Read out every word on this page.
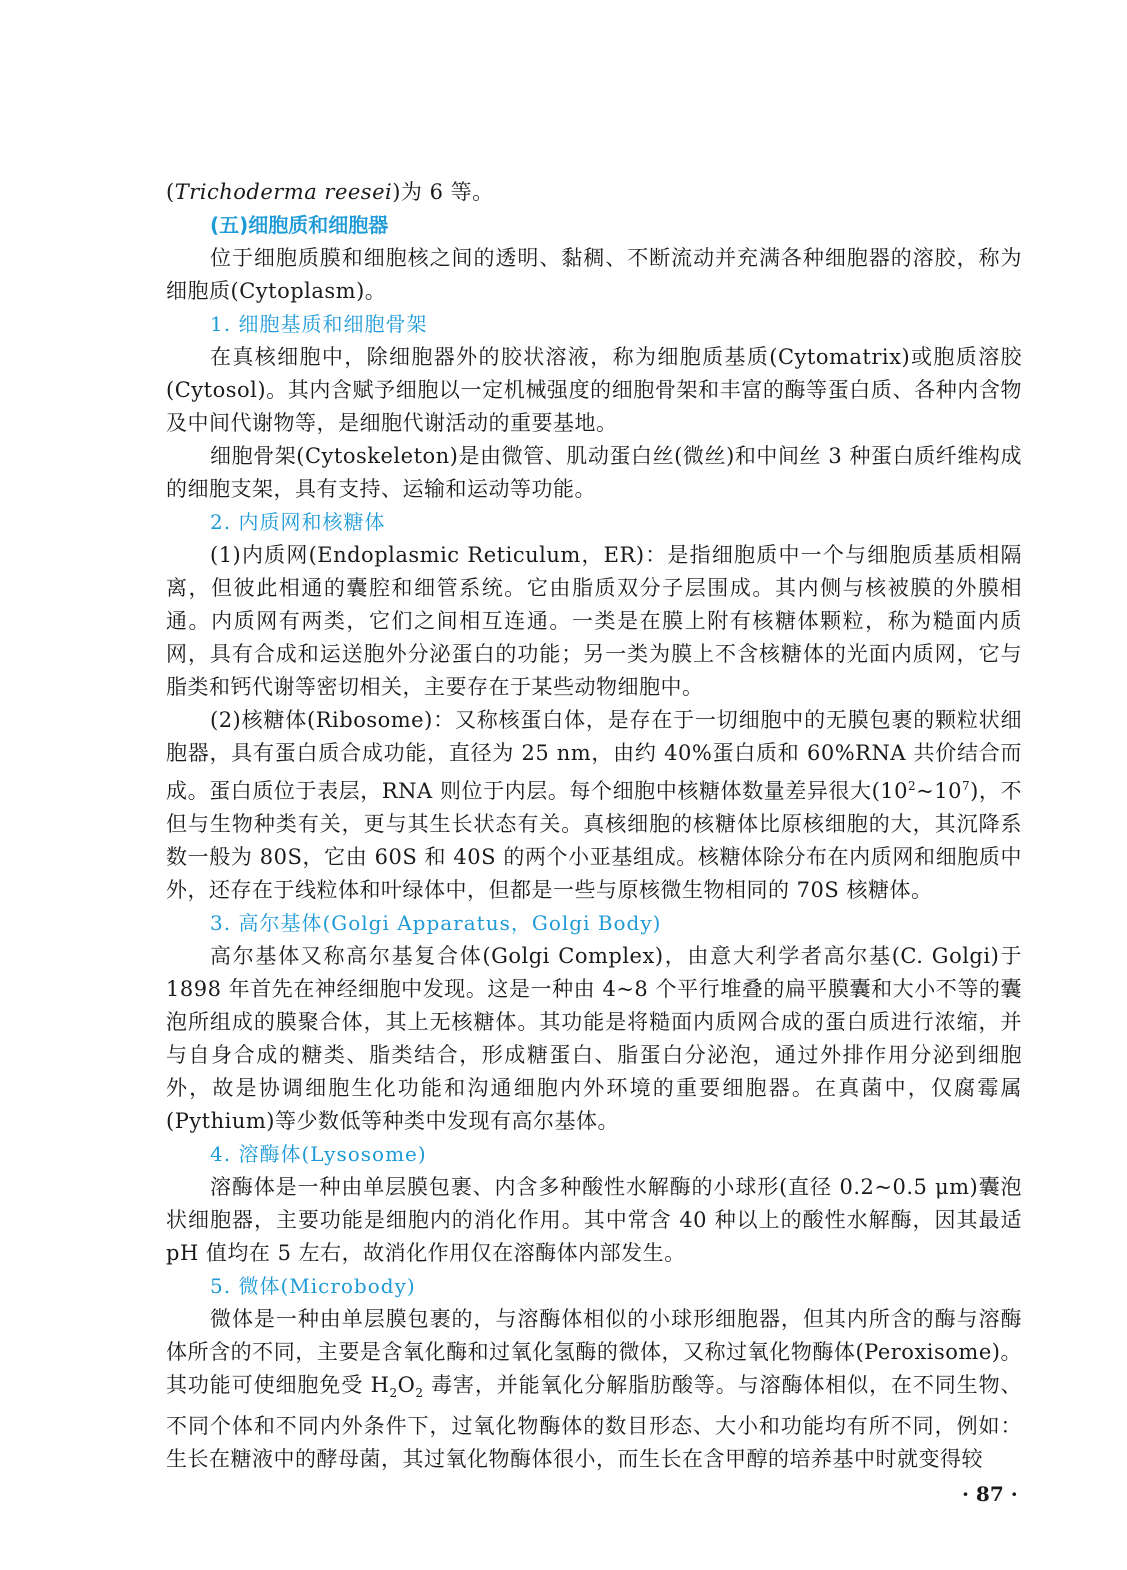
(Trichoderma reesei)为 6 等。

(五)细胞质和细胞器

位于细胞质膜和细胞核之间的透明、黏稠、不断流动并充满各种细胞器的溶胶，称为细胞质(Cytoplasm)。

1. 细胞基质和细胞骨架

在真核细胞中，除细胞器外的胶状溶液，称为细胞质基质(Cytomatrix)或胞质溶胶(Cytosol)。其内含赋予细胞以一定机械强度的细胞骨架和丰富的酶等蛋白质、各种内含物及中间代谢物等，是细胞代谢活动的重要基地。

细胞骨架(Cytoskeleton)是由微管、肌动蛋白丝(微丝)和中间丝 3 种蛋白质纤维构成的细胞支架，具有支持、运输和运动等功能。

2. 内质网和核糖体

(1)内质网(Endoplasmic Reticulum，ER)：是指细胞质中一个与细胞质基质相隔离，但彼此相通的囊腔和细管系统。它由脂质双分子层围成。其内侧与核被膜的外膜相通。内质网有两类，它们之间相互连通。一类是在膜上附有核糖体颗粒，称为糙面内质网，具有合成和运送胞外分泌蛋白的功能；另一类为膜上不含核糖体的光面内质网，它与脂类和钙代谢等密切相关，主要存在于某些动物细胞中。

(2)核糖体(Ribosome)：又称核蛋白体，是存在于一切细胞中的无膜包裹的颗粒状细胞器，具有蛋白质合成功能，直径为 25 nm，由约 40%蛋白质和 60%RNA 共价结合而成。蛋白质位于表层，RNA 则位于内层。每个细胞中核糖体数量差异很大$(10^2\sim 10^7)$，不但与生物种类有关，更与其生长状态有关。真核细胞的核糖体比原核细胞的大，其沉降系数一般为 80S，它由 60S 和 40S 的两个小亚基组成。核糖体除分布在内质网和细胞质中外，还存在于线粒体和叶绿体中，但都是一些与原核微生物相同的 70S 核糖体。

3. 高尔基体(Golgi Apparatus，Golgi Body)

高尔基体又称高尔基复合体(Golgi Complex)，由意大利学者高尔基(C. Golgi)于 1898 年首先在神经细胞中发现。这是一种由 4~8 个平行堆叠的扁平膜囊和大小不等的囊泡所组成的膜聚合体，其上无核糖体。其功能是将糙面内质网合成的蛋白质进行浓缩，并与自身合成的糖类、脂类结合，形成糖蛋白、脂蛋白分泌泡，通过外排作用分泌到细胞外，故是协调细胞生化功能和沟通细胞内外环境的重要细胞器。在真菌中，仅腐霉属(Pythium)等少数低等种类中发现有高尔基体。

4. 溶酶体(Lysosome)

溶酶体是一种由单层膜包裹、内含多种酸性水解酶的小球形(直径 0.2~0.5 μm)囊泡状细胞器，主要功能是细胞内的消化作用。其中常含 40 种以上的酸性水解酶，因其最适 pH 值均在 5 左右，故消化作用仅在溶酶体内部发生。

5. 微体(Microbody)

微体是一种由单层膜包裹的，与溶酶体相似的小球形细胞器，但其内所含的酶与溶酶体所含的不同，主要是含氧化酶和过氧化氢酶的微体，又称过氧化物酶体(Peroxisome)。其功能可使细胞免受 $H_2O_2$ 毒害，并能氧化分解脂肪酸等。与溶酶体相似，在不同生物、不同个体和不同内外条件下，过氧化物酶体的数目形态、大小和功能均有所不同，例如：生长在糖液中的酵母菌，其过氧化物酶体很小，而生长在含甲醇的培养基中时就变得较

· 87 ·
